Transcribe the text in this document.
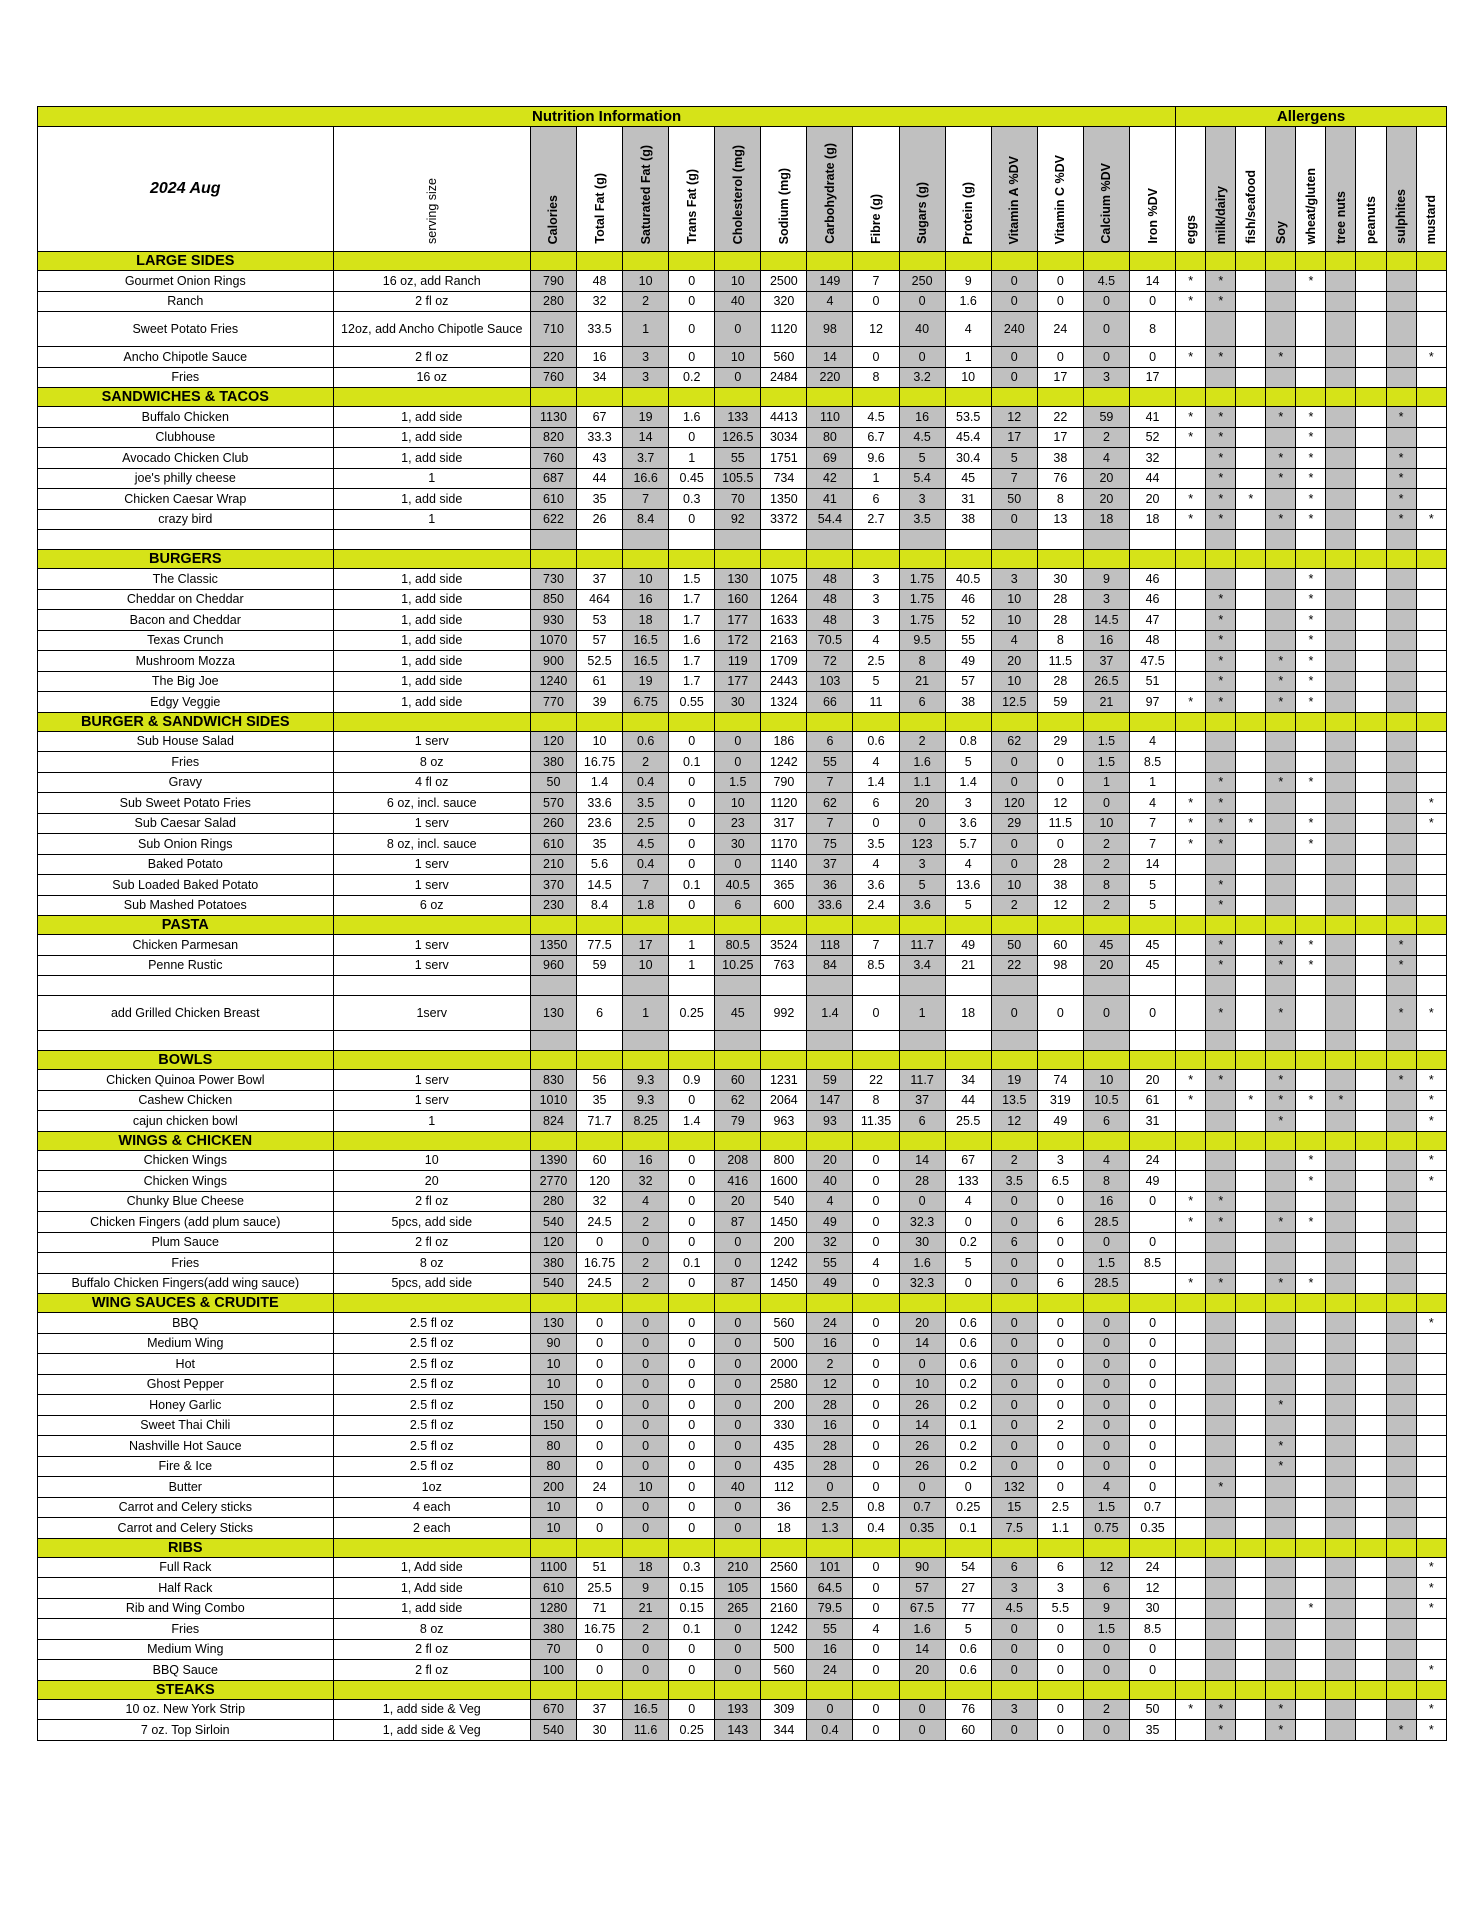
Nutrition Information																Allergens								
2024 Aug	serving size	Calories	Total Fat (g)	Saturated Fat (g)	Trans Fat (g)	Cholesterol (mg)	Sodium (mg)	Carbohydrate (g)	Fibre (g)	Sugars (g)	Protein (g)	Vitamin A %DV	Vitamin C %DV	Calcium %DV	Iron %DV	eggs	milk/dairy	fish/seafood	Soy	wheat/gluten	tree nuts	peanuts	sulphites	mustard
LARGE SIDES																								
Gourmet Onion Rings	16 oz, add Ranch	790	48	10	0	10	2500	149	7	250	9	0	0	4.5	14	*	*			*				
Ranch	2 fl oz	280	32	2	0	40	320	4	0	0	1.6	0	0	0	0	*	*							
Sweet Potato Fries	12oz, add Ancho Chipotle Sauce	710	33.5	1	0	0	1120	98	12	40	4	240	24	0	8									
Ancho Chipotle Sauce	2 fl oz	220	16	3	0	10	560	14	0	0	1	0	0	0	0	*	*		*					*
Fries	16 oz	760	34	3	0.2	0	2484	220	8	3.2	10	0	17	3	17									
SANDWICHES & TACOS																								
Buffalo Chicken	1, add side	1130	67	19	1.6	133	4413	110	4.5	16	53.5	12	22	59	41	*	*		*	*			*	
Clubhouse	1, add side	820	33.3	14	0	126.5	3034	80	6.7	4.5	45.4	17	17	2	52	*	*			*				
Avocado Chicken Club	1, add side	760	43	3.7	1	55	1751	69	9.6	5	30.4	5	38	4	32		*		*	*			*	
joe's philly cheese	1	687	44	16.6	0.45	105.5	734	42	1	5.4	45	7	76	20	44		*		*	*			*	
Chicken Caesar Wrap	1, add side	610	35	7	0.3	70	1350	41	6	3	31	50	8	20	20	*	*	*		*			*	
crazy bird	1	622	26	8.4	0	92	3372	54.4	2.7	3.5	38	0	13	18	18	*	*		*	*			*	*

BURGERS																								
The Classic	1, add side	730	37	10	1.5	130	1075	48	3	1.75	40.5	3	30	9	46					*				
Cheddar on Cheddar	1, add side	850	464	16	1.7	160	1264	48	3	1.75	46	10	28	3	46		*			*				
Bacon and Cheddar	1, add side	930	53	18	1.7	177	1633	48	3	1.75	52	10	28	14.5	47		*			*				
Texas Crunch	1, add side	1070	57	16.5	1.6	172	2163	70.5	4	9.5	55	4	8	16	48		*			*				
Mushroom Mozza	1, add side	900	52.5	16.5	1.7	119	1709	72	2.5	8	49	20	11.5	37	47.5		*		*	*				
The Big Joe	1, add side	1240	61	19	1.7	177	2443	103	5	21	57	10	28	26.5	51		*		*	*				
Edgy Veggie	1, add side	770	39	6.75	0.55	30	1324	66	11	6	38	12.5	59	21	97	*	*		*	*				
BURGER & SANDWICH SIDES																								
Sub House Salad	1 serv	120	10	0.6	0	0	186	6	0.6	2	0.8	62	29	1.5	4									
Fries	8 oz	380	16.75	2	0.1	0	1242	55	4	1.6	5	0	0	1.5	8.5									
Gravy	4 fl oz	50	1.4	0.4	0	1.5	790	7	1.4	1.1	1.4	0	0	1	1		*		*	*				
Sub Sweet Potato Fries	6 oz, incl. sauce	570	33.6	3.5	0	10	1120	62	6	20	3	120	12	0	4	*	*							*
Sub Caesar Salad	1 serv	260	23.6	2.5	0	23	317	7	0	0	3.6	29	11.5	10	7	*	*	*		*				*
Sub Onion Rings	8 oz, incl. sauce	610	35	4.5	0	30	1170	75	3.5	123	5.7	0	0	2	7	*	*			*				
Baked Potato	1 serv	210	5.6	0.4	0	0	1140	37	4	3	4	0	28	2	14									
Sub Loaded Baked Potato	1 serv	370	14.5	7	0.1	40.5	365	36	3.6	5	13.6	10	38	8	5		*							
Sub Mashed Potatoes	6 oz	230	8.4	1.8	0	6	600	33.6	2.4	3.6	5	2	12	2	5		*							
PASTA																								
Chicken Parmesan	1 serv	1350	77.5	17	1	80.5	3524	118	7	11.7	49	50	60	45	45		*		*	*			*	
Penne Rustic	1 serv	960	59	10	1	10.25	763	84	8.5	3.4	21	22	98	20	45		*		*	*			*	

add Grilled Chicken Breast	1serv	130	6	1	0.25	45	992	1.4	0	1	18	0	0	0	0		*		*				*	*

BOWLS																								
Chicken Quinoa Power Bowl	1 serv	830	56	9.3	0.9	60	1231	59	22	11.7	34	19	74	10	20	*	*		*				*	*
Cashew Chicken	1 serv	1010	35	9.3	0	62	2064	147	8	37	44	13.5	319	10.5	61	*		*	*	*	*			*
cajun chicken bowl	1	824	71.7	8.25	1.4	79	963	93	11.35	6	25.5	12	49	6	31				*					*
WINGS & CHICKEN																								
Chicken Wings	10	1390	60	16	0	208	800	20	0	14	67	2	3	4	24					*				*
Chicken Wings	20	2770	120	32	0	416	1600	40	0	28	133	3.5	6.5	8	49					*				*
Chunky Blue Cheese	2 fl oz	280	32	4	0	20	540	4	0	0	4	0	0	16	0	*	*							
Chicken Fingers (add plum sauce)	5pcs, add side	540	24.5	2	0	87	1450	49	0	32.3	0	0	6	28.5		*	*		*	*				
Plum Sauce	2 fl oz	120	0	0	0	0	200	32	0	30	0.2	6	0	0	0									
Fries	8 oz	380	16.75	2	0.1	0	1242	55	4	1.6	5	0	0	1.5	8.5									
Buffalo Chicken Fingers(add wing sauce)	5pcs, add side	540	24.5	2	0	87	1450	49	0	32.3	0	0	6	28.5		*	*		*	*				
WING SAUCES & CRUDITE																								
BBQ	2.5 fl oz	130	0	0	0	0	560	24	0	20	0.6	0	0	0	0									*
Medium Wing	2.5 fl oz	90	0	0	0	0	500	16	0	14	0.6	0	0	0	0									
Hot	2.5 fl oz	10	0	0	0	0	2000	2	0	0	0.6	0	0	0	0									
Ghost Pepper	2.5 fl oz	10	0	0	0	0	2580	12	0	10	0.2	0	0	0	0									
Honey Garlic	2.5 fl oz	150	0	0	0	0	200	28	0	26	0.2	0	0	0	0				*					
Sweet Thai Chili	2.5 fl oz	150	0	0	0	0	330	16	0	14	0.1	0	2	0	0									
Nashville Hot Sauce	2.5 fl oz	80	0	0	0	0	435	28	0	26	0.2	0	0	0	0				*					
Fire & Ice	2.5 fl oz	80	0	0	0	0	435	28	0	26	0.2	0	0	0	0				*					
Butter	1oz	200	24	10	0	40	112	0	0	0	0	132	0	4	0		*							
Carrot and Celery sticks	4 each	10	0	0	0	0	36	2.5	0.8	0.7	0.25	15	2.5	1.5	0.7									
Carrot and Celery Sticks	2 each	10	0	0	0	0	18	1.3	0.4	0.35	0.1	7.5	1.1	0.75	0.35									
RIBS																								
Full Rack	1, Add side	1100	51	18	0.3	210	2560	101	0	90	54	6	6	12	24									*
Half Rack	1, Add side	610	25.5	9	0.15	105	1560	64.5	0	57	27	3	3	6	12									*
Rib and Wing Combo	1, add side	1280	71	21	0.15	265	2160	79.5	0	67.5	77	4.5	5.5	9	30					*				*
Fries	8 oz	380	16.75	2	0.1	0	1242	55	4	1.6	5	0	0	1.5	8.5									
Medium Wing	2 fl oz	70	0	0	0	0	500	16	0	14	0.6	0	0	0	0									
BBQ Sauce	2 fl oz	100	0	0	0	0	560	24	0	20	0.6	0	0	0	0									*
STEAKS																								
10 oz. New York Strip	1, add side & Veg	670	37	16.5	0	193	309	0	0	0	76	3	0	2	50	*	*		*					*
7 oz. Top Sirloin	1, add side & Veg	540	30	11.6	0.25	143	344	0.4	0	0	60	0	0	0	35		*		*				*	*
